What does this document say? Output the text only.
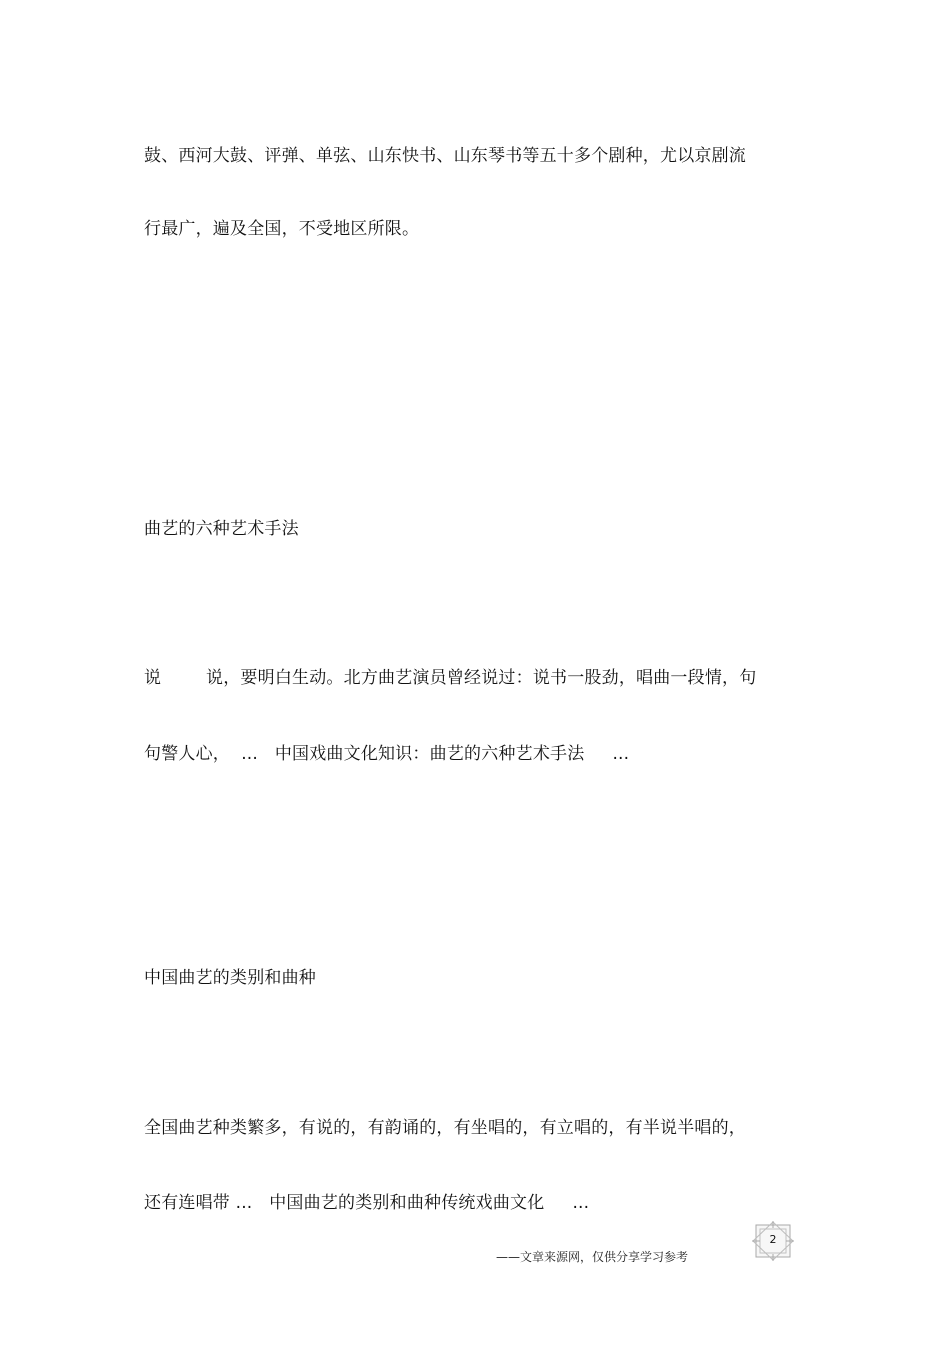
鼓、西河大鼓、评弹、单弦、山东快书、山东琴书等五十多个剧种，尤以京剧流
行最广，遍及全国，不受地区所限。
曲艺的六种艺术手法
说        说，要明白生动。北方曲艺演员曾经说过：说书一股劲，唱曲一段情，句
句警人心，  ...   中国戏曲文化知识：曲艺的六种艺术手法     ...
中国曲艺的类别和曲种
全国曲艺种类繁多，有说的，有韵诵的，有坐唱的，有立唱的，有半说半唱的，
还有连唱带 ...   中国曲艺的类别和曲种传统戏曲文化     ...
——文章来源网，仅供分享学习参考
2
